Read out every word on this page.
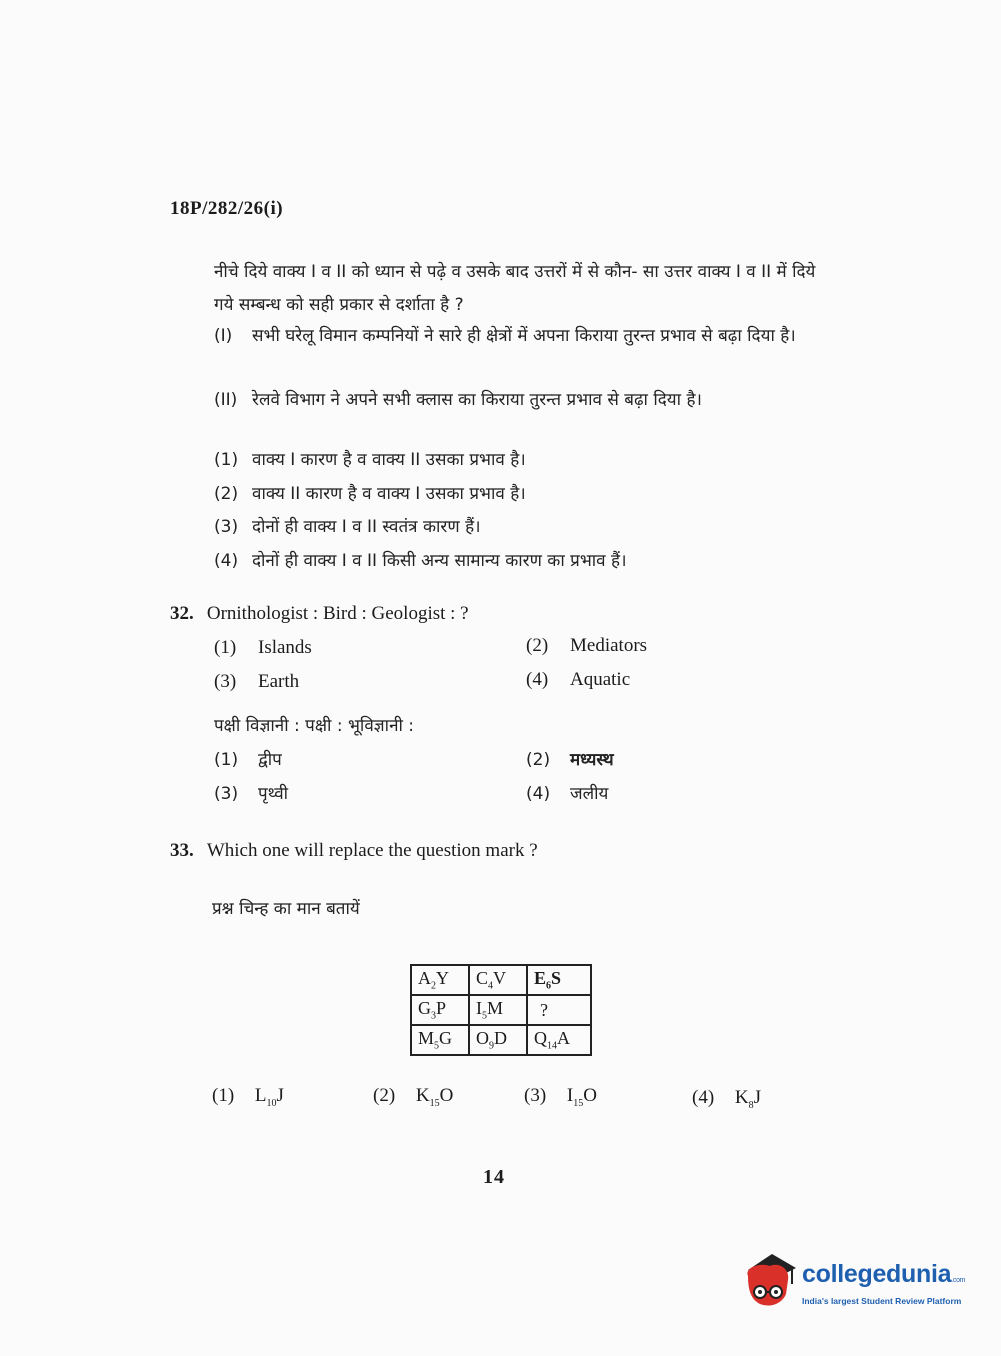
18P/282/26(i)
नीचे दिये वाक्य I व II को ध्यान से पढ़े व उसके बाद उत्तरों में से कौन- सा उत्तर वाक्य I व II में दिये गये सम्बन्ध को सही प्रकार से दर्शाता है ?
(I)	सभी घरेलू विमान कम्पनियों ने सारे ही क्षेत्रों में अपना किराया तुरन्त प्रभाव से बढ़ा दिया है।
(II) रेलवे विभाग ने अपने सभी क्लास का किराया तुरन्त प्रभाव से बढ़ा दिया है।
(1) वाक्य I कारण है व वाक्य II उसका प्रभाव है।
(2) वाक्य II कारण है व वाक्य I उसका प्रभाव है।
(3) दोनों ही वाक्य I व II स्वतंत्र कारण हैं।
(4) दोनों ही वाक्य I व II किसी अन्य सामान्य कारण का प्रभाव हैं।
32. Ornithologist : Bird : Geologist : ?
(1)	Islands	(2)	Mediators
(3)	Earth	(4)	Aquatic
पक्षी विज्ञानी : पक्षी : भूविज्ञानी :
(1)	द्वीप	(2)	मध्यस्थ
(3)	पृथ्वी	(4)	जलीय
33. Which one will replace the question mark ?
प्रश्न चिन्ह का मान बतायें
$A_2Y$	$C_4V$	$E_6S$
$G_3P$	$I_5M$	?
$M_5G$	$O_9D$	$Q_{14}A$
(1) $L_{10}J$	(2) $K_{15}O$	(3) $I_{15}O$	(4) $K_8J$
14
collegedunia.com
India's largest Student Review Platform
